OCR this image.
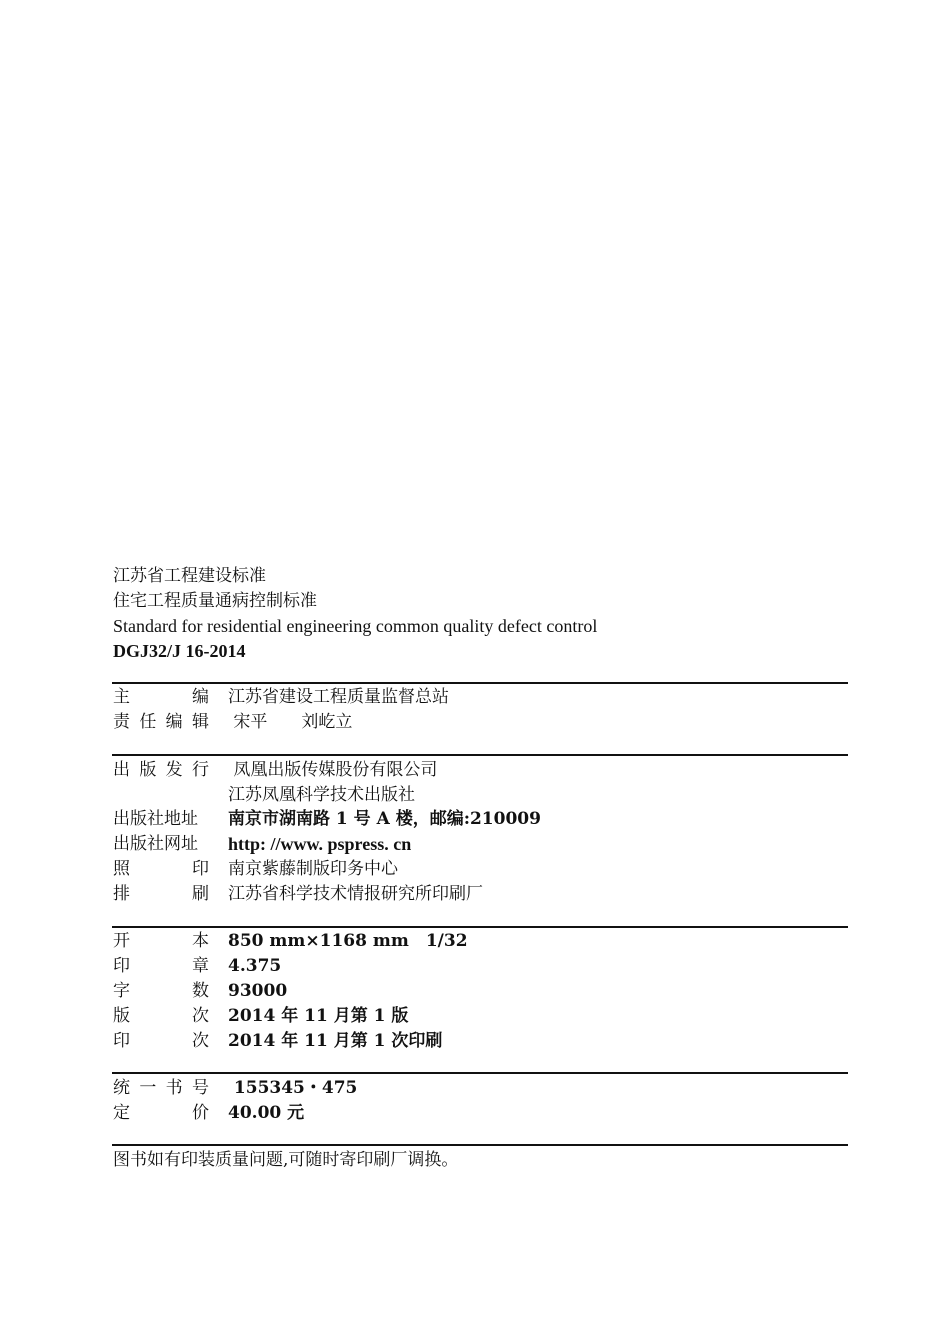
江苏省工程建设标准
住宅工程质量通病控制标准
Standard for residential engineering common quality defect control
DGJ32/J 16-2014
主	编 江苏省建设工程质量监督总站
责 任 编 辑 宋平　　刘屹立
出 版 发 行 凤凰出版传媒股份有限公司
江苏凤凰科学技术出版社
出版社地址 南京市湖南路 1 号 A 楼，邮编:210009
出版社网址 http: //www. pspress. cn
照	印 南京紫藤制版印务中心
排	刷 江苏省科学技术情报研究所印刷厂
开	本 850 mm×1168 mm　1/32
印	章 4.375
字	数 93000
版	次 2014 年 11 月第 1 版
印	次 2014 年 11 月第 1 次印刷
统 一 书 号 155345・475
定	价 40.00 元
图书如有印装质量问题,可随时寄印刷厂调换。
